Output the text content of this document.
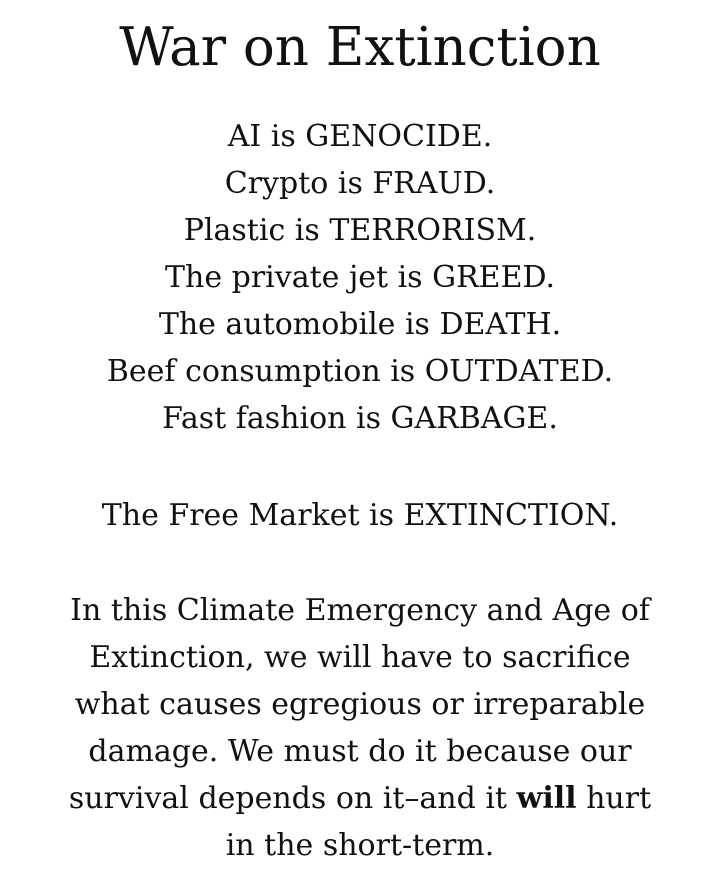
War on Extinction
AI is GENOCIDE.
Crypto is FRAUD.
Plastic is TERRORISM.
The private jet is GREED.
The automobile is DEATH.
Beef consumption is OUTDATED.
Fast fashion is GARBAGE.

The Free Market is EXTINCTION.

In this Climate Emergency and Age of
Extinction, we will have to sacrifice
what causes egregious or irreparable
damage. We must do it because our
survival depends on it–and it will hurt
in the short-term.
